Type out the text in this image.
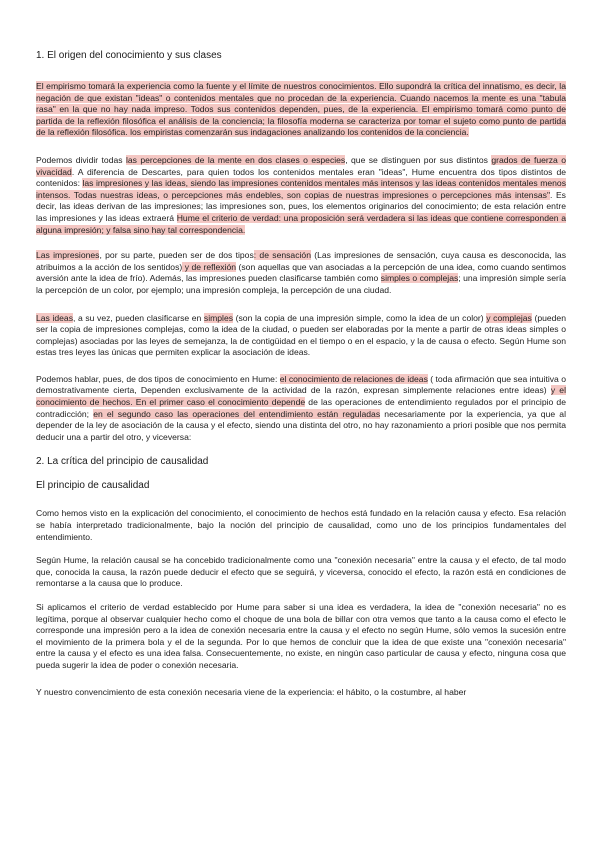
1. El origen del conocimiento y sus clases

El empirismo tomará la experiencia como la fuente y el límite de nuestros conocimientos. Ello supondrá la crítica del innatismo, es decir, la negación de que existan "ideas" o contenidos mentales que no procedan de la experiencia. Cuando nacemos la mente es una "tabula rasa" en la que no hay nada impreso. Todos sus contenidos dependen, pues, de la experiencia. El empirismo tomará como punto de partida de la reflexión filosófica el análisis de la conciencia; la filosofía moderna se caracteriza por tomar el sujeto como punto de partida de la reflexión filosófica. los empiristas comenzarán sus indagaciones analizando los contenidos de la conciencia.

Podemos dividir todas las percepciones de la mente en dos clases o especies, que se distinguen por sus distintos grados de fuerza o vivacidad. A diferencia de Descartes, para quien todos los contenidos mentales eran "ideas", Hume encuentra dos tipos distintos de contenidos: las impresiones y las ideas, siendo las impresiones contenidos mentales más intensos y las ideas contenidos mentales menos intensos. Todas nuestras ideas, o percepciones más endebles, son copias de nuestras impresiones o percepciones más intensas". Es decir, las ideas derivan de las impresiones; las impresiones son, pues, los elementos originarios del conocimiento; de esta relación entre las impresiones y las ideas extraerá Hume el criterio de verdad: una proposición será verdadera si las ideas que contiene corresponden a alguna impresión; y falsa sino hay tal correspondencia.

Las impresiones, por su parte, pueden ser de dos tipos: de sensación (Las impresiones de sensación, cuya causa es desconocida, las atribuimos a la acción de los sentidos) y de reflexión (son aquellas que van asociadas a la percepción de una idea, como cuando sentimos aversión ante la idea de frío). Además, las impresiones pueden clasificarse también como simples o complejas; una impresión simple sería la percepción de un color, por ejemplo; una impresión compleja, la percepción de una ciudad.

Las ideas, a su vez, pueden clasificarse en simples (son la copia de una impresión simple, como la idea de un color) y complejas (pueden ser la copia de impresiones complejas, como la idea de la ciudad, o pueden ser elaboradas por la mente a partir de otras ideas simples o complejas) asociadas por las leyes de semejanza, la de contigüidad en el tiempo o en el espacio, y la de causa o efecto. Según Hume son estas tres leyes las únicas que permiten explicar la asociación de ideas.

Podemos hablar, pues, de dos tipos de conocimiento en Hume: el conocimiento de relaciones de ideas ( toda afirmación que sea intuitiva o demostrativamente cierta, Dependen exclusivamente de la actividad de la razón, expresan simplemente relaciones entre ideas) y el conocimiento de hechos. En el primer caso el conocimiento depende de las operaciones de entendimiento regulados por el principio de contradicción; en el segundo caso las operaciones del entendimiento están reguladas necesariamente por la experiencia, ya que al depender de la ley de asociación de la causa y el efecto, siendo una distinta del otro, no hay razonamiento a priori posible que nos permita deducir una a partir del otro, y viceversa:

2. La crítica del principio de causalidad
El principio de causalidad

Como hemos visto en la explicación del conocimiento, el conocimiento de hechos está fundado en la relación causa y efecto. Esa relación se había interpretado tradicionalmente, bajo la noción del principio de causalidad, como uno de los principios fundamentales del entendimiento.

Según Hume, la relación causal se ha concebido tradicionalmente como una "conexión necesaria" entre la causa y el efecto, de tal modo que, conocida la causa, la razón puede deducir el efecto que se seguirá, y viceversa, conocido el efecto, la razón está en condiciones de remontarse a la causa que lo produce.

Si aplicamos el criterio de verdad establecido por Hume para saber si una idea es verdadera, la idea de "conexión necesaria" no es legítima, porque al observar cualquier hecho como el choque de una bola de billar con otra vemos que tanto a la causa como el efecto le corresponde una impresión pero a la idea de conexión necesaria entre la causa y el efecto no según Hume, sólo vemos la sucesión entre el movimiento de la primera bola y el de la segunda. Por lo que hemos de concluir que la idea de que existe una "conexión necesaria" entre la causa y el efecto es una idea falsa. Consecuentemente, no existe, en ningún caso particular de causa y efecto, ninguna cosa que pueda sugerir la idea de poder o conexión necesaria.

Y nuestro convencimiento de esta conexión necesaria viene de la experiencia: el hábito, o la costumbre, al haber
